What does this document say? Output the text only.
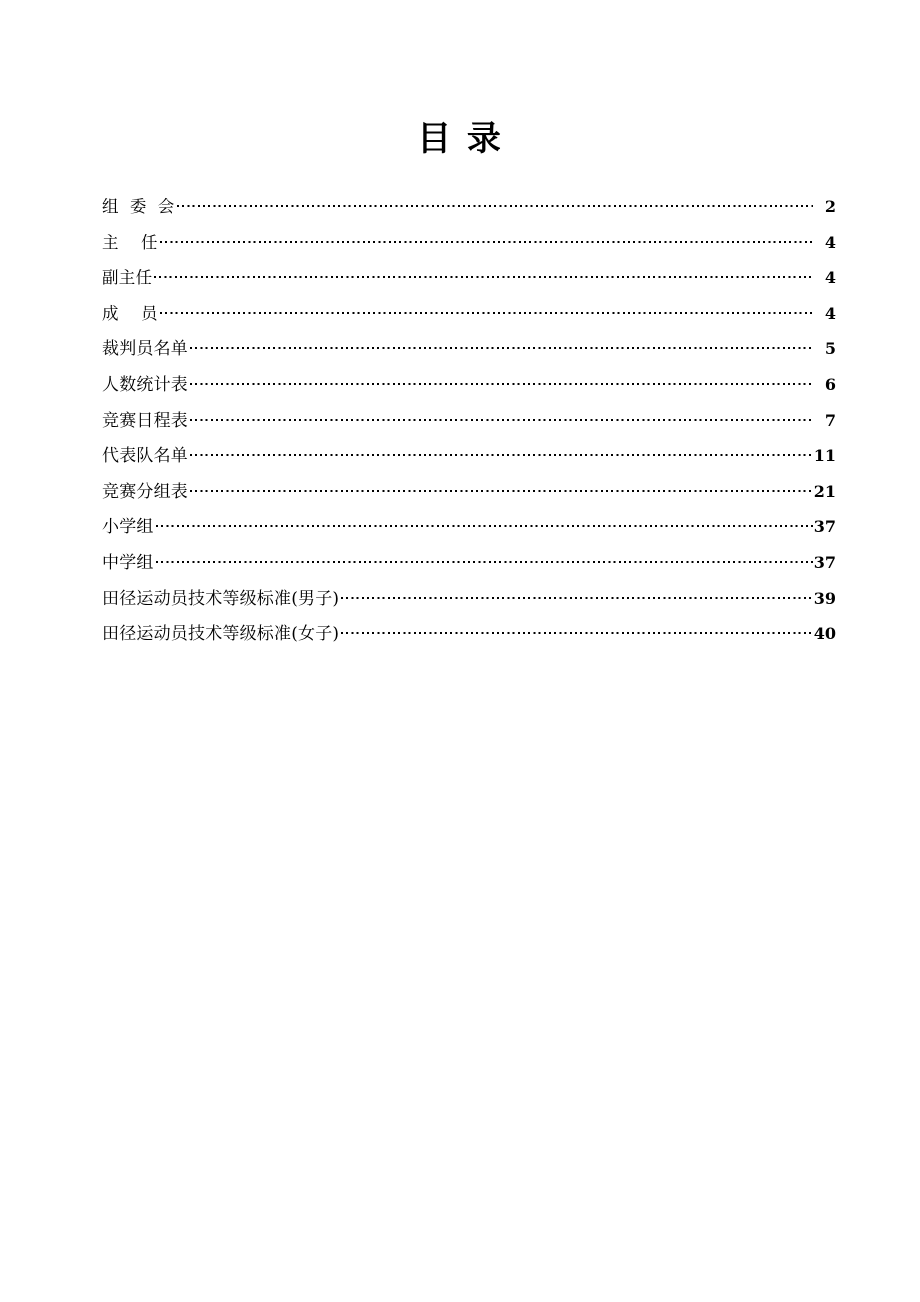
目 录
组  委  会	2
主    任	4
副主任	4
成    员	4
裁判员名单	5
人数统计表	6
竞赛日程表	7
代表队名单	11
竞赛分组表	21
小学组	37
中学组	37
田径运动员技术等级标准(男子)	39
田径运动员技术等级标准(女子)	40
